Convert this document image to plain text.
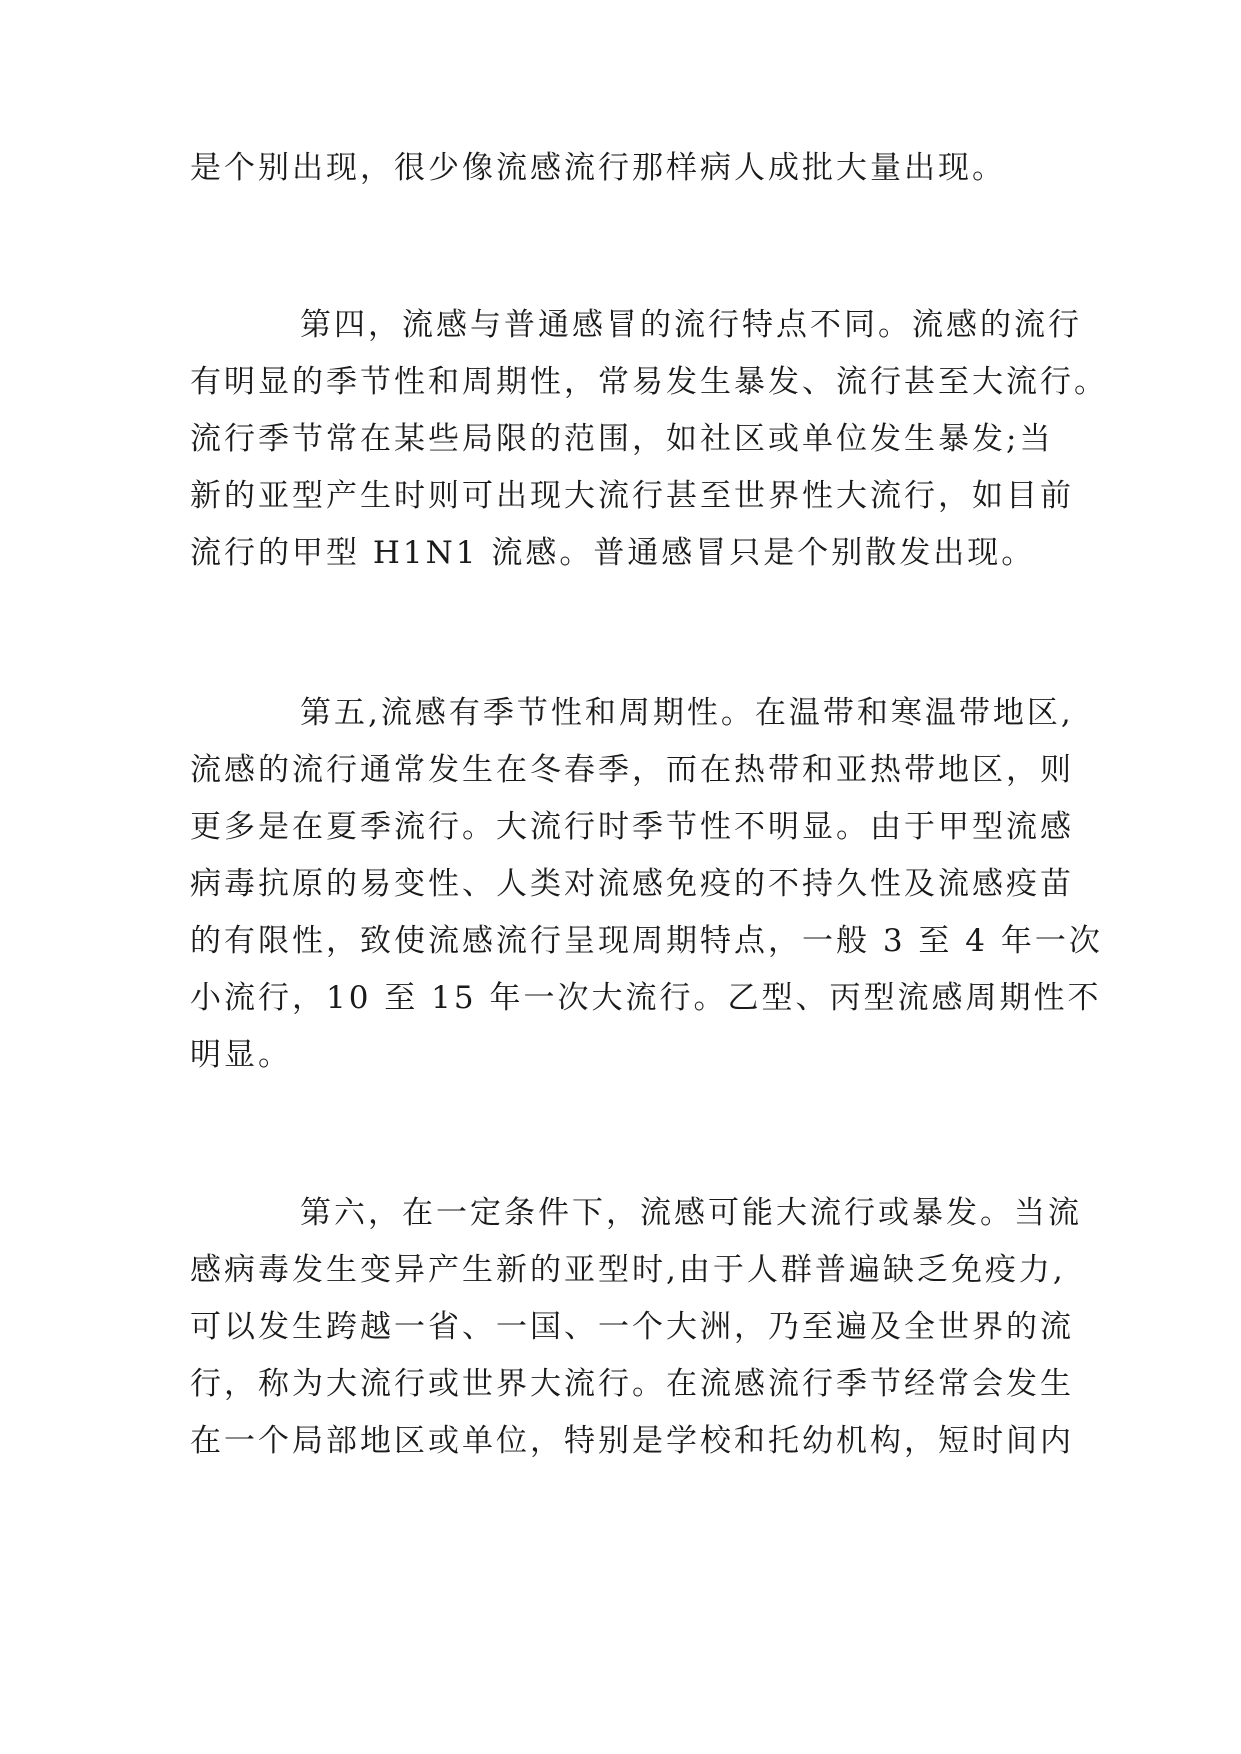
是个别出现，很少像流感流行那样病人成批大量出现。
第四，流感与普通感冒的流行特点不同。流感的流行
有明显的季节性和周期性，常易发生暴发、流行甚至大流行。
流行季节常在某些局限的范围，如社区或单位发生暴发;当
新的亚型产生时则可出现大流行甚至世界性大流行，如目前
流行的甲型 H1N1 流感。普通感冒只是个别散发出现。
第五,流感有季节性和周期性。在温带和寒温带地区,
流感的流行通常发生在冬春季，而在热带和亚热带地区，则
更多是在夏季流行。大流行时季节性不明显。由于甲型流感
病毒抗原的易变性、人类对流感免疫的不持久性及流感疫苗
的有限性，致使流感流行呈现周期特点，一般 3 至 4 年一次
小流行，10 至 15 年一次大流行。乙型、丙型流感周期性不
明显。
第六，在一定条件下，流感可能大流行或暴发。当流
感病毒发生变异产生新的亚型时,由于人群普遍缺乏免疫力,
可以发生跨越一省、一国、一个大洲，乃至遍及全世界的流
行，称为大流行或世界大流行。在流感流行季节经常会发生
在一个局部地区或单位，特别是学校和托幼机构，短时间内
